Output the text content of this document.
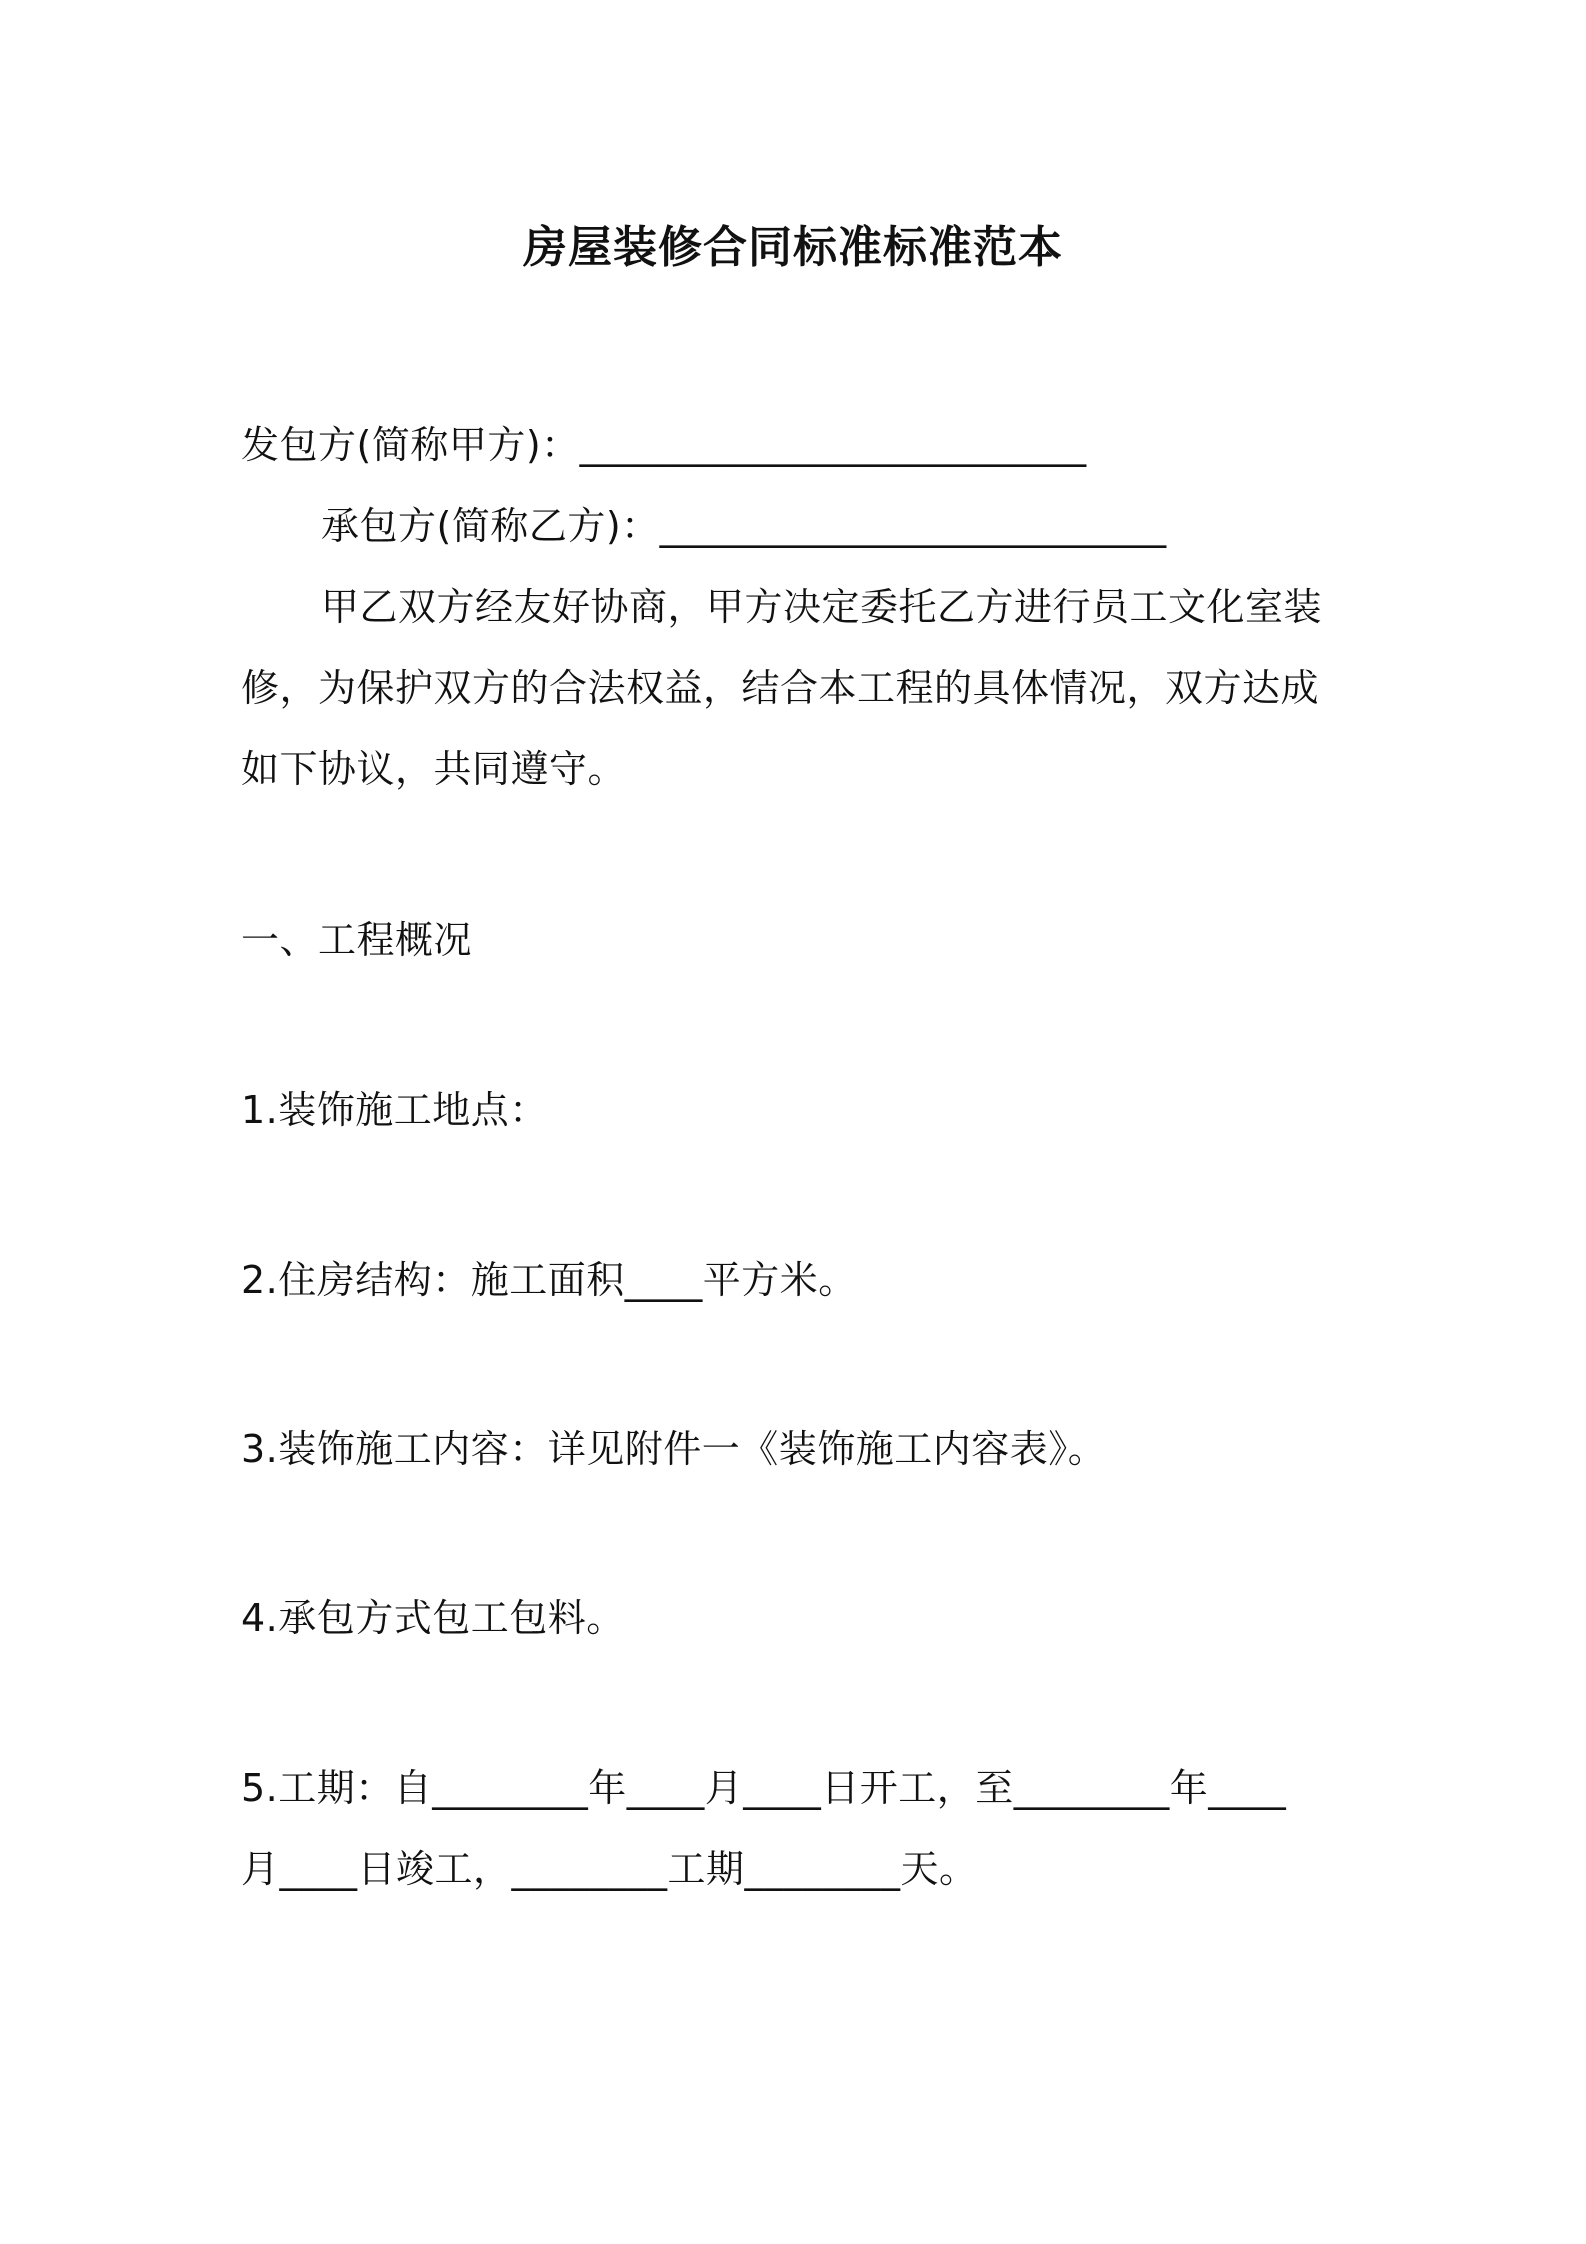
房屋装修合同标准标准范本
发包方(简称甲方)：__________________________
承包方(简称乙方)：__________________________
甲乙双方经友好协商，甲方决定委托乙方进行员工文化室装
修，为保护双方的合法权益，结合本工程的具体情况，双方达成
如下协议，共同遵守。
一、工程概况
1.装饰施工地点：
2.住房结构：施工面积____平方米。
3.装饰施工内容：详见附件一《装饰施工内容表》。
4.承包方式包工包料。
5.工期：自________年____月____日开工，至________年____
月____日竣工，________工期________天。
